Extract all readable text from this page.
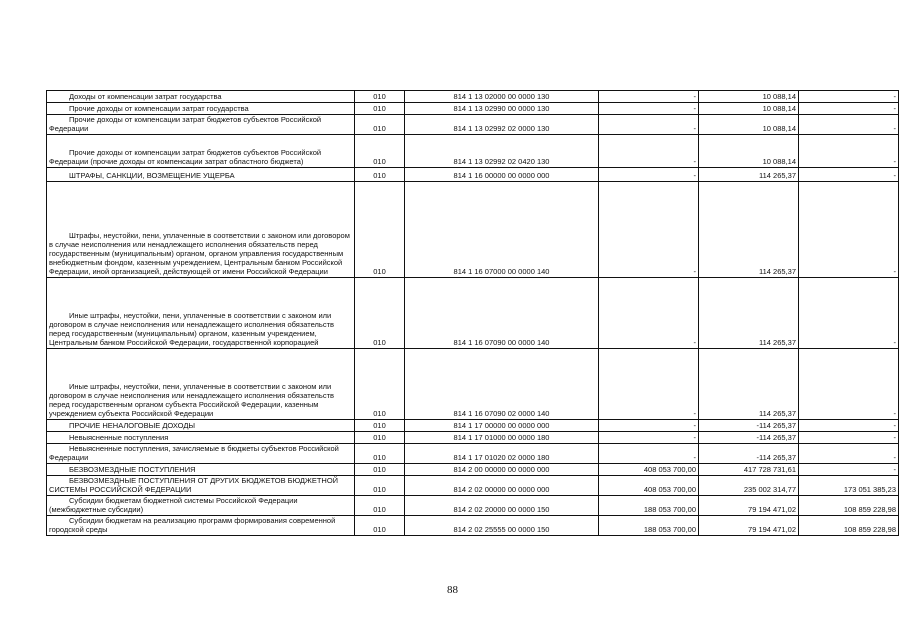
Доходы от компенсации затрат государства	010	814 1 13 02000 00 0000 130	-	10 088,14	-

Прочие доходы от компенсации затрат государства	010	814 1 13 02990 00 0000 130	-	10 088,14	-

Прочие доходы от компенсации затрат бюджетов субъектов Российской Федерации	010	814 1 13 02992 02 0000 130	-	10 088,14	-

Прочие доходы от компенсации затрат бюджетов субъектов Российской Федерации (прочие доходы от компенсации затрат областного бюджета)	010	814 1 13 02992 02 0420 130	-	10 088,14	-

ШТРАФЫ, САНКЦИИ, ВОЗМЕЩЕНИЕ УЩЕРБА	010	814 1 16 00000 00 0000 000	-	114 265,37	-

Штрафы, неустойки, пени, уплаченные в соответствии с законом или договором в случае неисполнения или ненадлежащего исполнения обязательств перед государственным (муниципальным) органом, органом управления государственным внебюджетным фондом, казенным учреждением, Центральным банком Российской Федерации, иной организацией, действующей от имени Российской Федерации	010	814 1 16 07000 00 0000 140	-	114 265,37	-

Иные штрафы, неустойки, пени, уплаченные в соответствии с законом или договором в случае неисполнения или ненадлежащего исполнения обязательств перед государственным (муниципальным) органом, казенным учреждением, Центральным банком Российской Федерации, государственной корпорацией	010	814 1 16 07090 00 0000 140	-	114 265,37	-

Иные штрафы, неустойки, пени, уплаченные в соответствии с законом или договором в случае неисполнения или ненадлежащего исполнения обязательств перед государственным органом субъекта Российской Федерации, казенным учреждением субъекта Российской Федерации	010	814 1 16 07090 02 0000 140	-	114 265,37	-

ПРОЧИЕ НЕНАЛОГОВЫЕ ДОХОДЫ	010	814 1 17 00000 00 0000 000	-	-114 265,37	-

Невыясненные поступления	010	814 1 17 01000 00 0000 180	-	-114 265,37	-

Невыясненные поступления, зачисляемые в бюджеты субъектов Российской Федерации	010	814 1 17 01020 02 0000 180	-	-114 265,37	-

БЕЗВОЗМЕЗДНЫЕ ПОСТУПЛЕНИЯ	010	814 2 00 00000 00 0000 000	408 053 700,00	417 728 731,61	-

БЕЗВОЗМЕЗДНЫЕ ПОСТУПЛЕНИЯ ОТ ДРУГИХ БЮДЖЕТОВ БЮДЖЕТНОЙ СИСТЕМЫ РОССИЙСКОЙ ФЕДЕРАЦИИ	010	814 2 02 00000 00 0000 000	408 053 700,00	235 002 314,77	173 051 385,23

Субсидии бюджетам бюджетной системы Российской Федерации (межбюджетные субсидии)	010	814 2 02 20000 00 0000 150	188 053 700,00	79 194 471,02	108 859 228,98

Субсидии бюджетам на реализацию программ формирования современной городской среды	010	814 2 02 25555 00 0000 150	188 053 700,00	79 194 471,02	108 859 228,98
88
